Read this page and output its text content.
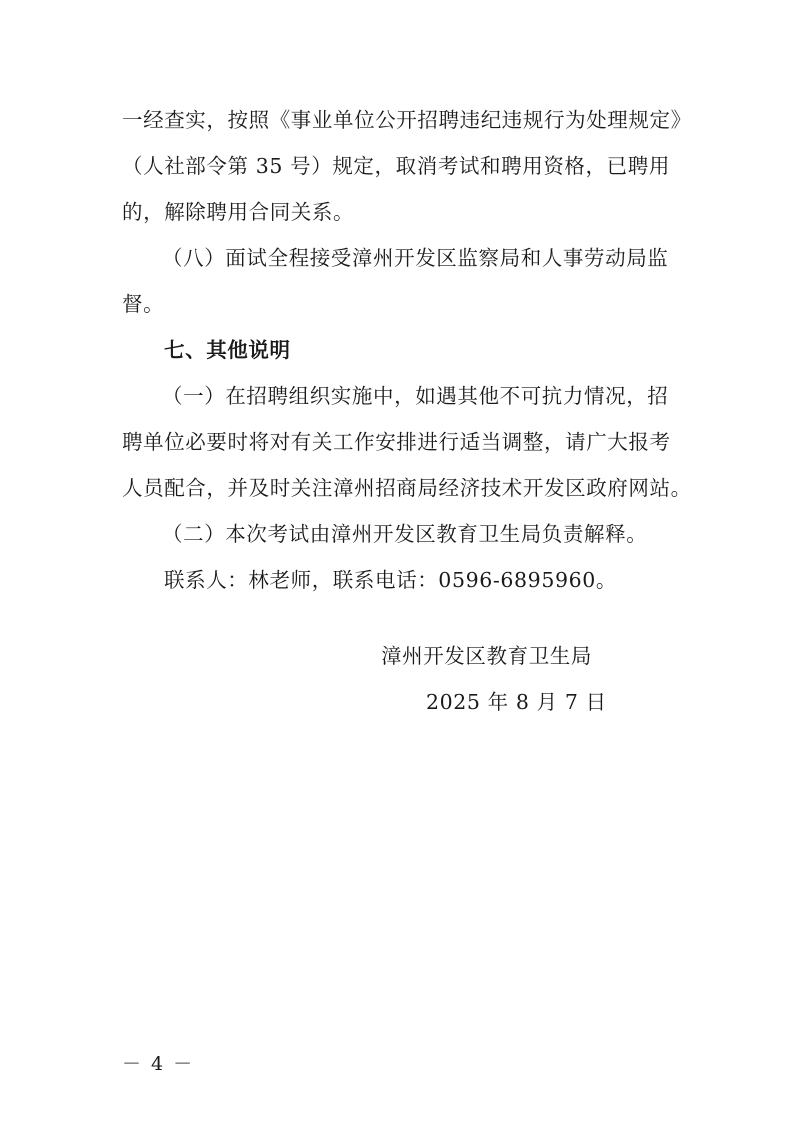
一经查实，按照《事业单位公开招聘违纪违规行为处理规定》
（人社部令第 35 号）规定，取消考试和聘用资格，已聘用
的，解除聘用合同关系。
（八）面试全程接受漳州开发区监察局和人事劳动局监
督。
七、其他说明
（一）在招聘组织实施中，如遇其他不可抗力情况，招
聘单位必要时将对有关工作安排进行适当调整，请广大报考
人员配合，并及时关注漳州招商局经济技术开发区政府网站。
（二）本次考试由漳州开发区教育卫生局负责解释。
联系人：林老师，联系电话：0596-6895960。
漳州开发区教育卫生局
2025 年 8 月 7 日
－ 4 －
